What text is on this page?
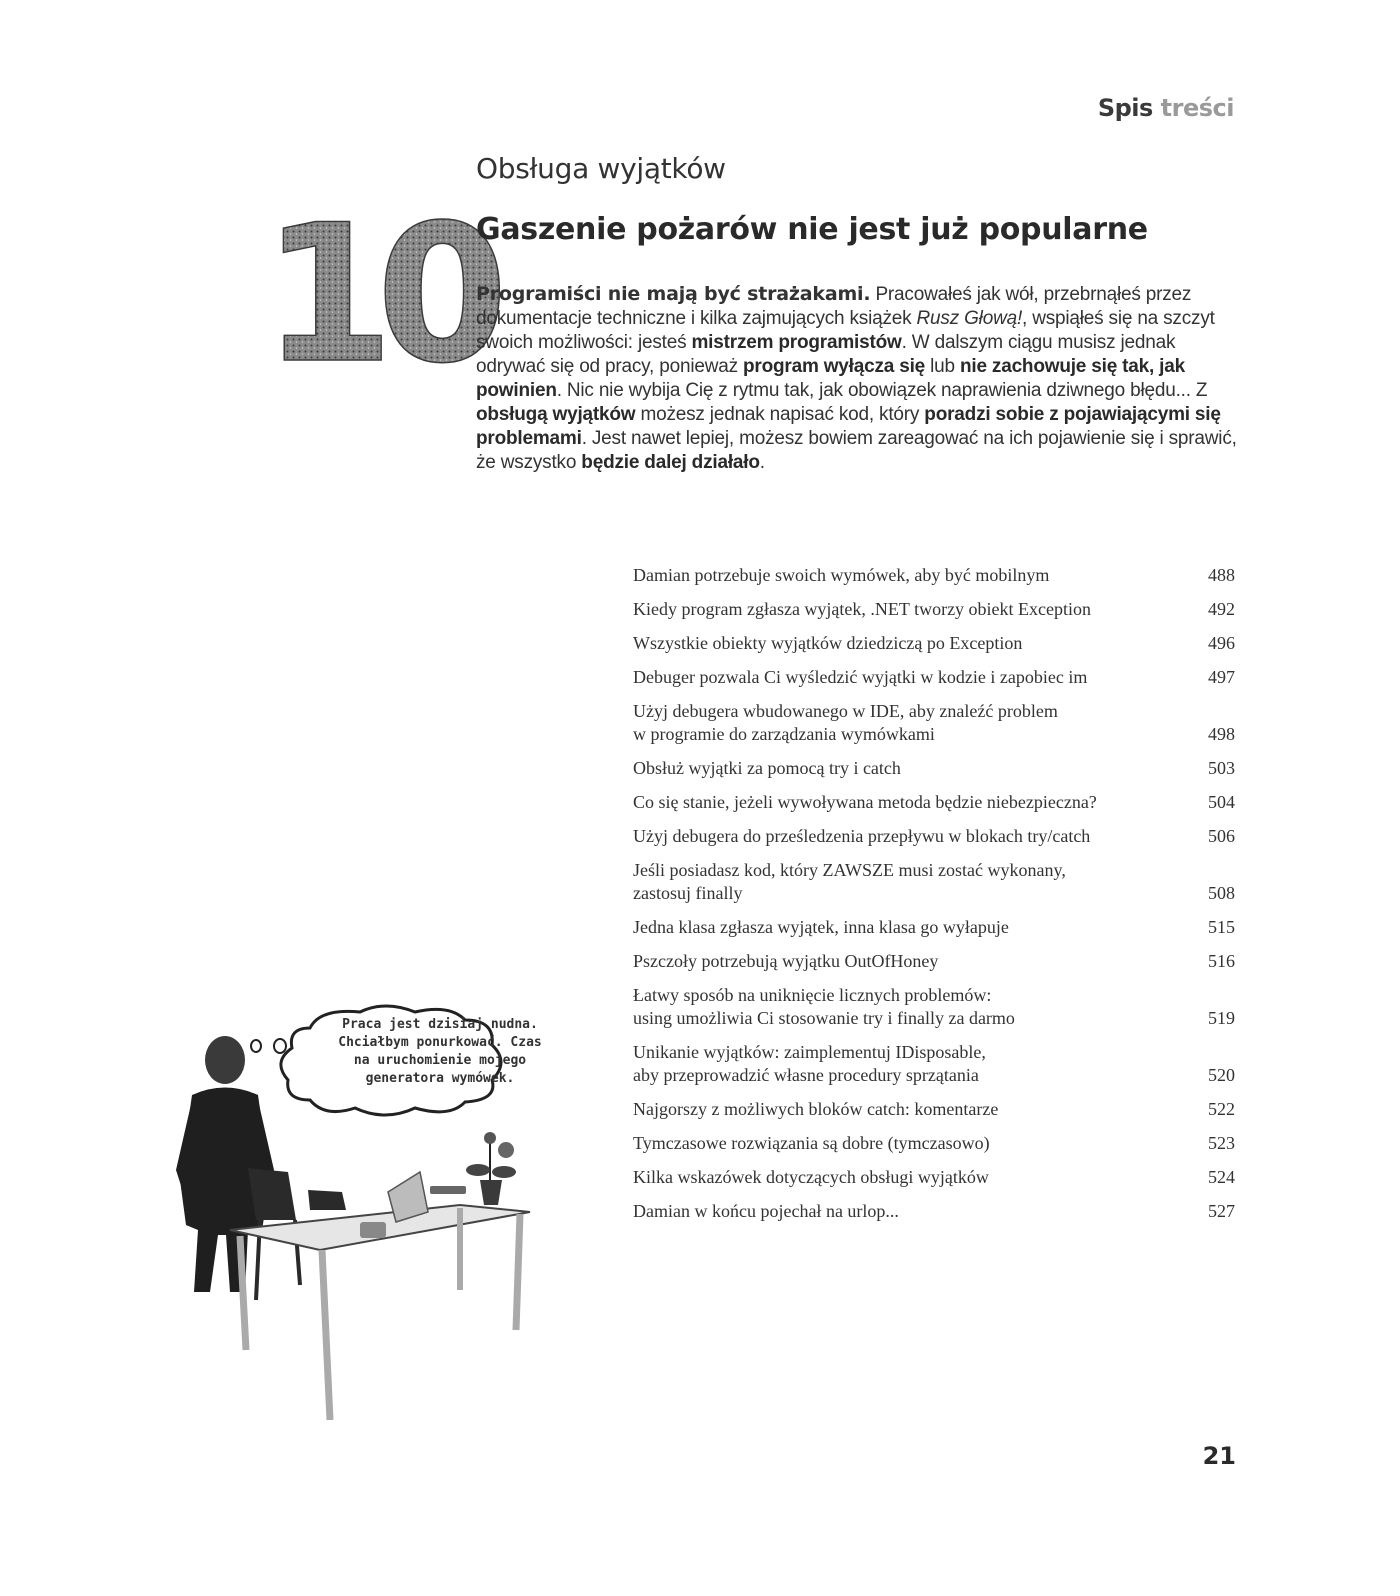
Spis treści
10
Obsługa wyjątków
Gaszenie pożarów nie jest już popularne
Programiści nie mają być strażakami. Pracowałeś jak wół, przebrnąłeś przez dokumentacje techniczne i kilka zajmujących książek Rusz Głową!, wspiąłeś się na szczyt swoich możliwości: jesteś mistrzem programistów. W dalszym ciągu musisz jednak odrywać się od pracy, ponieważ program wyłącza się lub nie zachowuje się tak, jak powinien. Nic nie wybija Cię z rytmu tak, jak obowiązek naprawienia dziwnego błędu... Z obsługą wyjątków możesz jednak napisać kod, który poradzi sobie z pojawiającymi się problemami. Jest nawet lepiej, możesz bowiem zareagować na ich pojawienie się i sprawić, że wszystko będzie dalej działało.
Damian potrzebuje swoich wymówek, aby być mobilnym	488
Kiedy program zgłasza wyjątek, .NET tworzy obiekt Exception	492
Wszystkie obiekty wyjątków dziedziczą po Exception	496
Debuger pozwala Ci wyśledzić wyjątki w kodzie i zapobiec im	497
Użyj debugera wbudowanego w IDE, aby znaleźć problem
w programie do zarządzania wymówkami	498
Obsłuż wyjątki za pomocą try i catch	503
Co się stanie, jeżeli wywoływana metoda będzie niebezpieczna?	504
Użyj debugera do prześledzenia przepływu w blokach try/catch	506
Jeśli posiadasz kod, który ZAWSZE musi zostać wykonany,
zastosuj finally	508
Jedna klasa zgłasza wyjątek, inna klasa go wyłapuje	515
Pszczoły potrzebują wyjątku OutOfHoney	516
Łatwy sposób na uniknięcie licznych problemów:
using umożliwia Ci stosowanie try i finally za darmo	519
Unikanie wyjątków: zaimplementuj IDisposable,
aby przeprowadzić własne procedury sprzątania	520
Najgorszy z możliwych bloków catch: komentarze	522
Tymczasowe rozwiązania są dobre (tymczasowo)	523
Kilka wskazówek dotyczących obsługi wyjątków	524
Damian w końcu pojechał na urlop...	527
Praca jest dzisiaj nudna.
Chciałbym ponurkować. Czas
na uruchomienie mojego
generatora wymówek.
21
